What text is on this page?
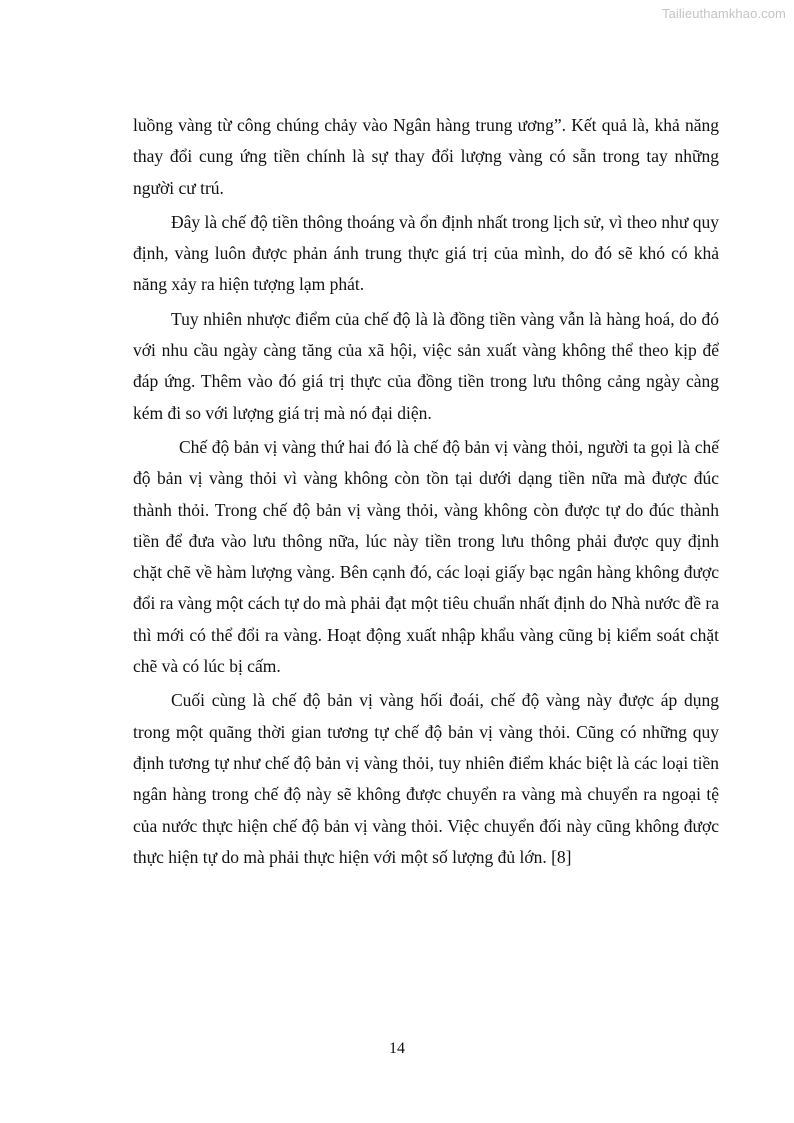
Tailieuthamkhao.com

luồng vàng từ công chúng chảy vào Ngân hàng trung ương”. Kết quả là, khả năng thay đổi cung ứng tiền chính là sự thay đổi lượng vàng có sẵn trong tay những người cư trú.

Đây là chế độ tiền thông thoáng và ổn định nhất trong lịch sử, vì theo như quy định, vàng luôn được phản ánh trung thực giá trị của mình, do đó sẽ khó có khả năng xảy ra hiện tượng lạm phát.

Tuy nhiên nhược điểm của chế độ là là đồng tiền vàng vẫn là hàng hoá, do đó với nhu cầu ngày càng tăng của xã hội, việc sản xuất vàng không thể theo kịp để đáp ứng. Thêm vào đó giá trị thực của đồng tiền trong lưu thông cảng ngày càng kém đi so với lượng giá trị mà nó đại diện.

Chế độ bản vị vàng thứ hai đó là chế độ bản vị vàng thỏi, người ta gọi là chế độ bản vị vàng thỏi vì vàng không còn tồn tại dưới dạng tiền nữa mà được đúc thành thỏi. Trong chế độ bản vị vàng thỏi, vàng không còn được tự do đúc thành tiền để đưa vào lưu thông nữa, lúc này tiền trong lưu thông phải được quy định chặt chẽ về hàm lượng vàng. Bên cạnh đó, các loại giấy bạc ngân hàng không được đổi ra vàng một cách tự do mà phải đạt một tiêu chuẩn nhất định do Nhà nước đề ra thì mới có thể đổi ra vàng. Hoạt động xuất nhập khẩu vàng cũng bị kiểm soát chặt chẽ và có lúc bị cấm.

Cuối cùng là chế độ bản vị vàng hối đoái, chế độ vàng này được áp dụng trong một quãng thời gian tương tự chế độ bản vị vàng thỏi. Cũng có những quy định tương tự như chế độ bản vị vàng thỏi, tuy nhiên điểm khác biệt là các loại tiền ngân hàng trong chế độ này sẽ không được chuyển ra vàng mà chuyển ra ngoại tệ của nước thực hiện chế độ bản vị vàng thỏi. Việc chuyển đối này cũng không được thực hiện tự do mà phải thực hiện với một số lượng đủ lớn. [8]

14
